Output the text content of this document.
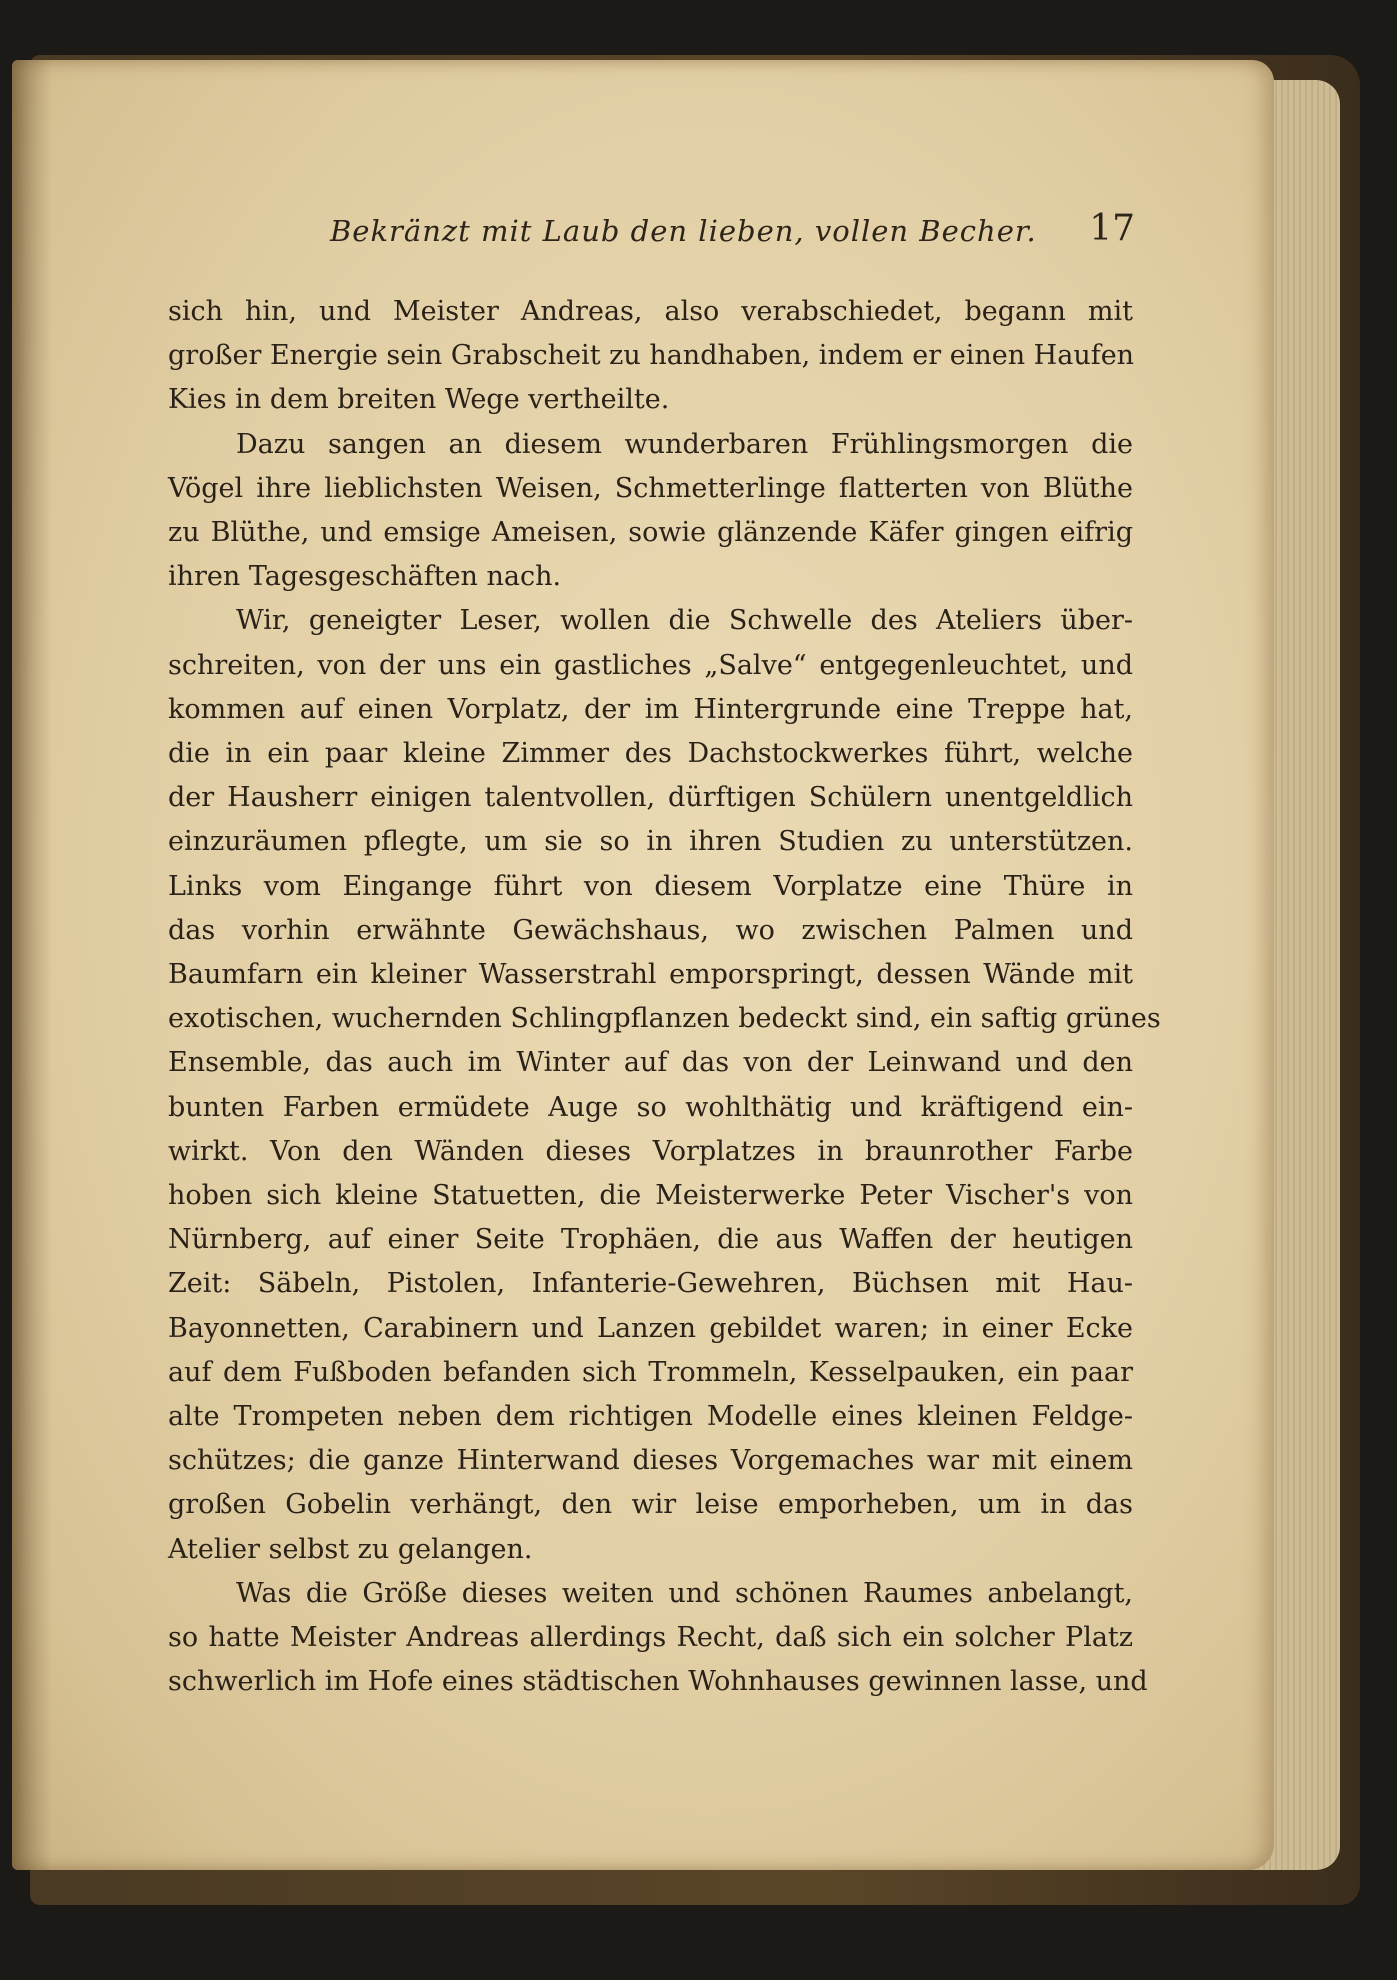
Bekränzt mit Laub den lieben, vollen Becher. 17
sich hin, und Meister Andreas, also verabschiedet, begann mit
großer Energie sein Grabscheit zu handhaben, indem er einen Haufen
Kies in dem breiten Wege vertheilte.
Dazu sangen an diesem wunderbaren Frühlingsmorgen die
Vögel ihre lieblichsten Weisen, Schmetterlinge flatterten von Blüthe
zu Blüthe, und emsige Ameisen, sowie glänzende Käfer gingen eifrig
ihren Tagesgeschäften nach.
Wir, geneigter Leser, wollen die Schwelle des Ateliers über-
schreiten, von der uns ein gastliches „Salve“ entgegenleuchtet, und
kommen auf einen Vorplatz, der im Hintergrunde eine Treppe hat,
die in ein paar kleine Zimmer des Dachstockwerkes führt, welche
der Hausherr einigen talentvollen, dürftigen Schülern unentgeldlich
einzuräumen pflegte, um sie so in ihren Studien zu unterstützen.
Links vom Eingange führt von diesem Vorplatze eine Thüre in
das vorhin erwähnte Gewächshaus, wo zwischen Palmen und
Baumfarn ein kleiner Wasserstrahl emporspringt, dessen Wände mit
exotischen, wuchernden Schlingpflanzen bedeckt sind, ein saftig grünes
Ensemble, das auch im Winter auf das von der Leinwand und den
bunten Farben ermüdete Auge so wohlthätig und kräftigend ein-
wirkt. Von den Wänden dieses Vorplatzes in braunrother Farbe
hoben sich kleine Statuetten, die Meisterwerke Peter Vischer's von
Nürnberg, auf einer Seite Trophäen, die aus Waffen der heutigen
Zeit: Säbeln, Pistolen, Infanterie-Gewehren, Büchsen mit Hau-
Bayonnetten, Carabinern und Lanzen gebildet waren; in einer Ecke
auf dem Fußboden befanden sich Trommeln, Kesselpauken, ein paar
alte Trompeten neben dem richtigen Modelle eines kleinen Feldge-
schützes; die ganze Hinterwand dieses Vorgemaches war mit einem
großen Gobelin verhängt, den wir leise emporheben, um in das
Atelier selbst zu gelangen.
Was die Größe dieses weiten und schönen Raumes anbelangt,
so hatte Meister Andreas allerdings Recht, daß sich ein solcher Platz
schwerlich im Hofe eines städtischen Wohnhauses gewinnen lasse, und
